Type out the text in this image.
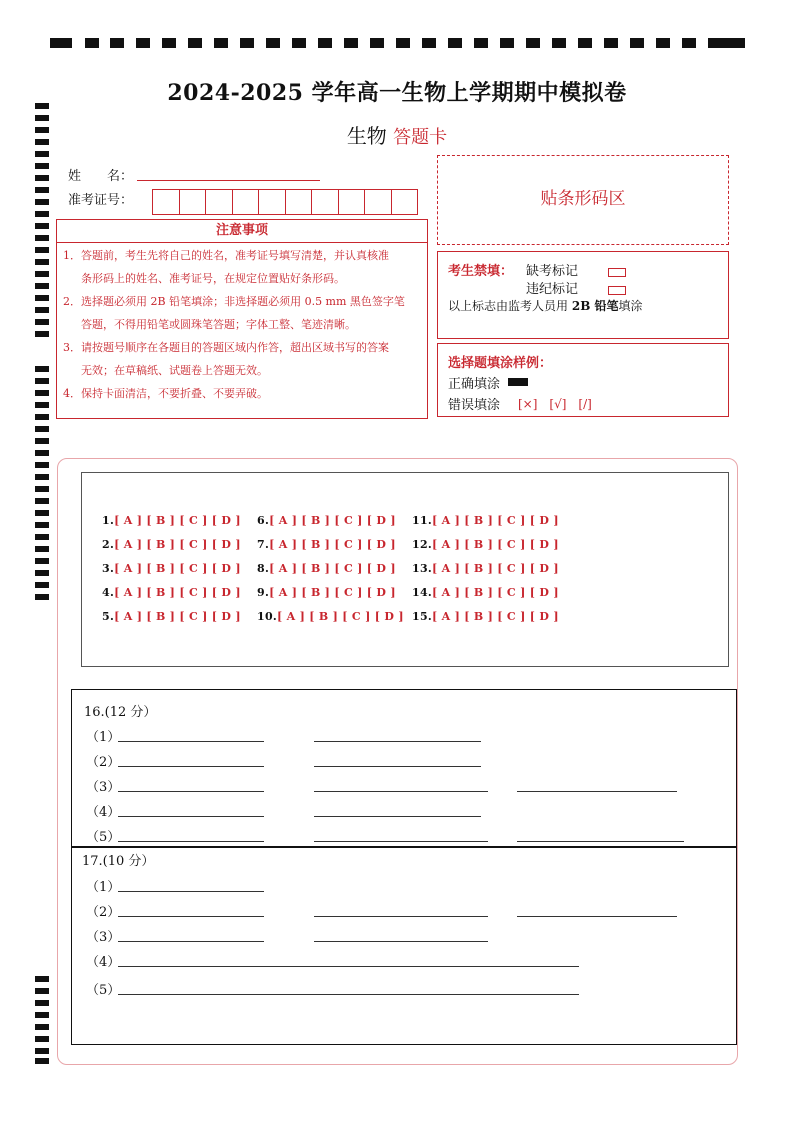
2024-2025 学年高一生物上学期期中模拟卷
生物 答题卡
姓　　名：
准考证号：
注意事项
1．答题前，考生先将自己的姓名，准考证号填写清楚，并认真核准
条形码上的姓名、准考证号，在规定位置贴好条形码。
2．选择题必须用 2B 铅笔填涂；非选择题必须用 0.5 mm 黑色签字笔
答题，不得用铅笔或圆珠笔答题；字体工整、笔迹清晰。
3．请按题号顺序在各题目的答题区域内作答，超出区域书写的答案
无效；在草稿纸、试题卷上答题无效。
4．保持卡面清洁，不要折叠、不要弄破。
贴条形码区
考生禁填： 缺考标记
违纪标记
以上标志由监考人员用 2B 铅笔填涂
选择题填涂样例：
正确填涂
错误填涂 [×]　[√]　[/]
1.[ A ] [ B ] [ C ] [ D ]
2.[ A ] [ B ] [ C ] [ D ]
3.[ A ] [ B ] [ C ] [ D ]
4.[ A ] [ B ] [ C ] [ D ]
5.[ A ] [ B ] [ C ] [ D ]
6.[ A ] [ B ] [ C ] [ D ]
7.[ A ] [ B ] [ C ] [ D ]
8.[ A ] [ B ] [ C ] [ D ]
9.[ A ] [ B ] [ C ] [ D ]
10.[ A ] [ B ] [ C ] [ D ]
11.[ A ] [ B ] [ C ] [ D ]
12.[ A ] [ B ] [ C ] [ D ]
13.[ A ] [ B ] [ C ] [ D ]
14.[ A ] [ B ] [ C ] [ D ]
15.[ A ] [ B ] [ C ] [ D ]
16.(12 分）
（1）
（2）
（3）
（4）
（5）
17.(10 分）
（1）
（2）
（3）
（4）
（5）
